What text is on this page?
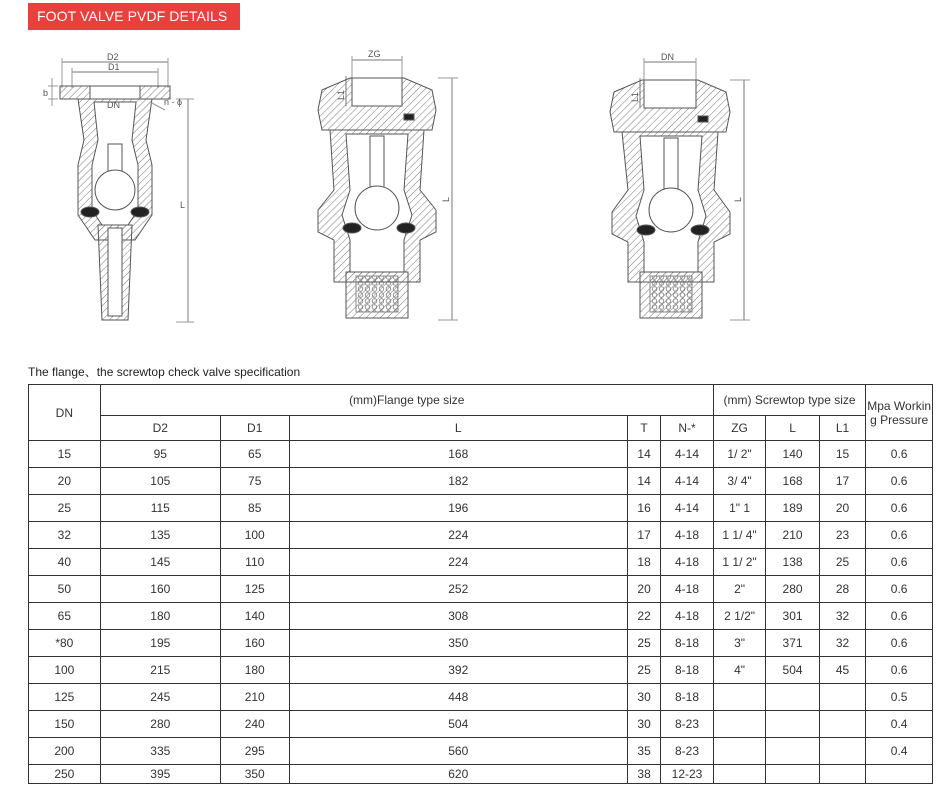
FOOT VALVE PVDF DETAILS
D2
D1
b
DN	n - ϕ
L
ZG
L1
L
DN
L1
L
The flange、the screwtop check valve specification
DN	(mm)Flange type size					(mm) Screwtop type size			Mpa Working Pressure

	D2	D1	L	T	N-*	ZG	L	L1	
15	95	65	168	14	4-14	1/ 2"	140	15	0.6
20	105	75	182	14	4-14	3/ 4"	168	17	0.6
25	115	85	196	16	4-14	1" 1	189	20	0.6
32	135	100	224	17	4-18	1 1/ 4"	210	23	0.6
40	145	110	224	18	4-18	1 1/ 2"	138	25	0.6
50	160	125	252	20	4-18	2"	280	28	0.6
65	180	140	308	22	4-18	2 1/2"	301	32	0.6
*80	195	160	350	25	8-18	3"	371	32	0.6
100	215	180	392	25	8-18	4"	504	45	0.6
125	245	210	448	30	8-18				0.5
150	280	240	504	30	8-23				0.4
200	335	295	560	35	8-23				0.4
250	395	350	620	38	12-23				
